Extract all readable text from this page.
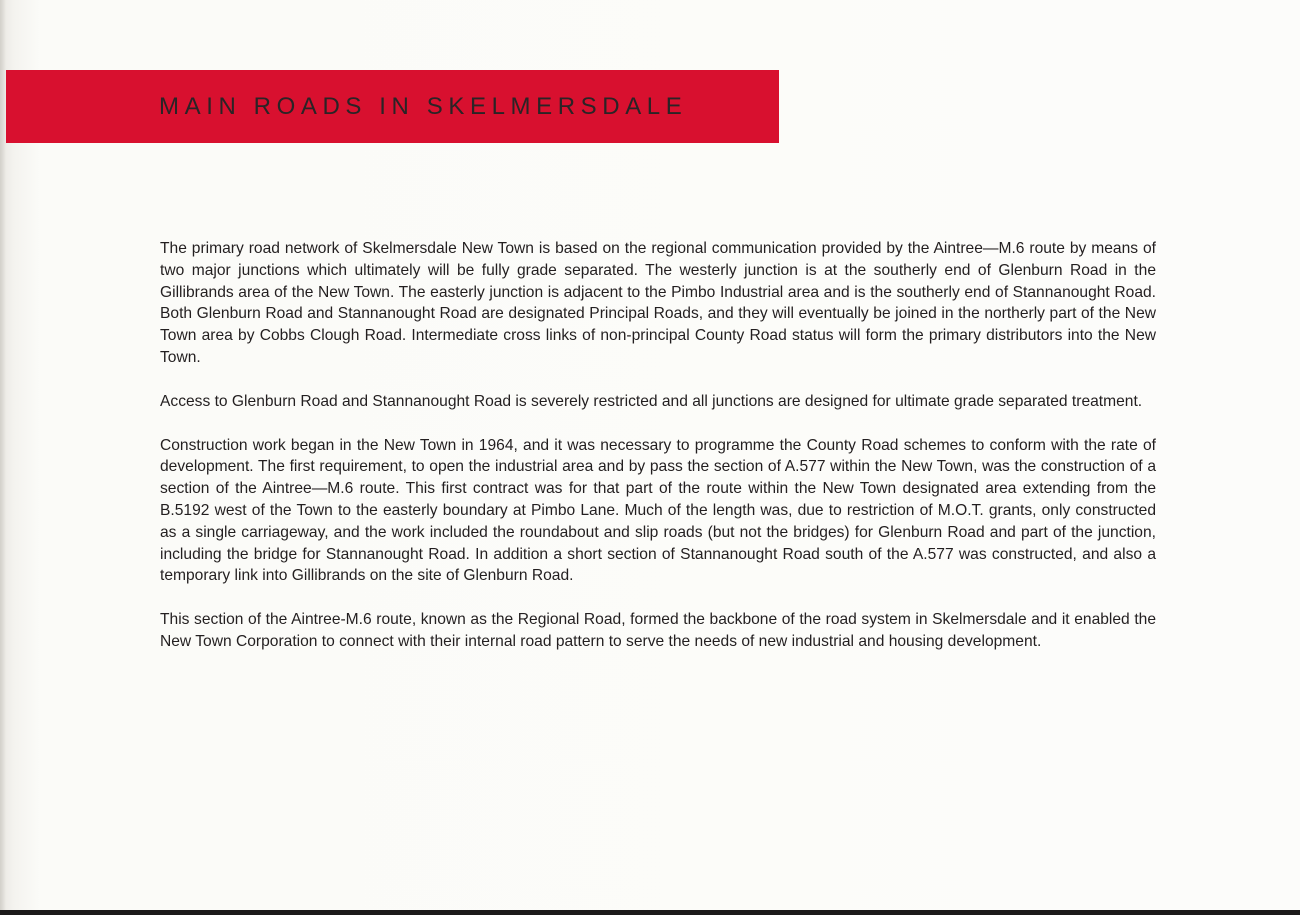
MAIN ROADS IN SKELMERSDALE

The primary road network of Skelmersdale New Town is based on the regional communication provided by the Aintree—M.6 route by means of two major junctions which ultimately will be fully grade separated. The westerly junction is at the southerly end of Glenburn Road in the Gillibrands area of the New Town. The easterly junction is adjacent to the Pimbo Industrial area and is the southerly end of Stannanought Road. Both Glenburn Road and Stannanought Road are designated Principal Roads, and they will eventually be joined in the northerly part of the New Town area by Cobbs Clough Road. Intermediate cross links of non-principal County Road status will form the primary distributors into the New Town.

Access to Glenburn Road and Stannanought Road is severely restricted and all junctions are designed for ultimate grade separated treatment.

Construction work began in the New Town in 1964, and it was necessary to programme the County Road schemes to conform with the rate of development. The first requirement, to open the industrial area and by pass the section of A.577 within the New Town, was the construction of a section of the Aintree—M.6 route. This first contract was for that part of the route within the New Town designated area extending from the B.5192 west of the Town to the easterly boundary at Pimbo Lane. Much of the length was, due to restriction of M.O.T. grants, only constructed as a single carriageway, and the work included the roundabout and slip roads (but not the bridges) for Glenburn Road and part of the junction, including the bridge for Stannanought Road. In addition a short section of Stannanought Road south of the A.577 was constructed, and also a temporary link into Gillibrands on the site of Glenburn Road.

This section of the Aintree-M.6 route, known as the Regional Road, formed the backbone of the road system in Skelmersdale and it enabled the New Town Corporation to connect with their internal road pattern to serve the needs of new industrial and housing development.
